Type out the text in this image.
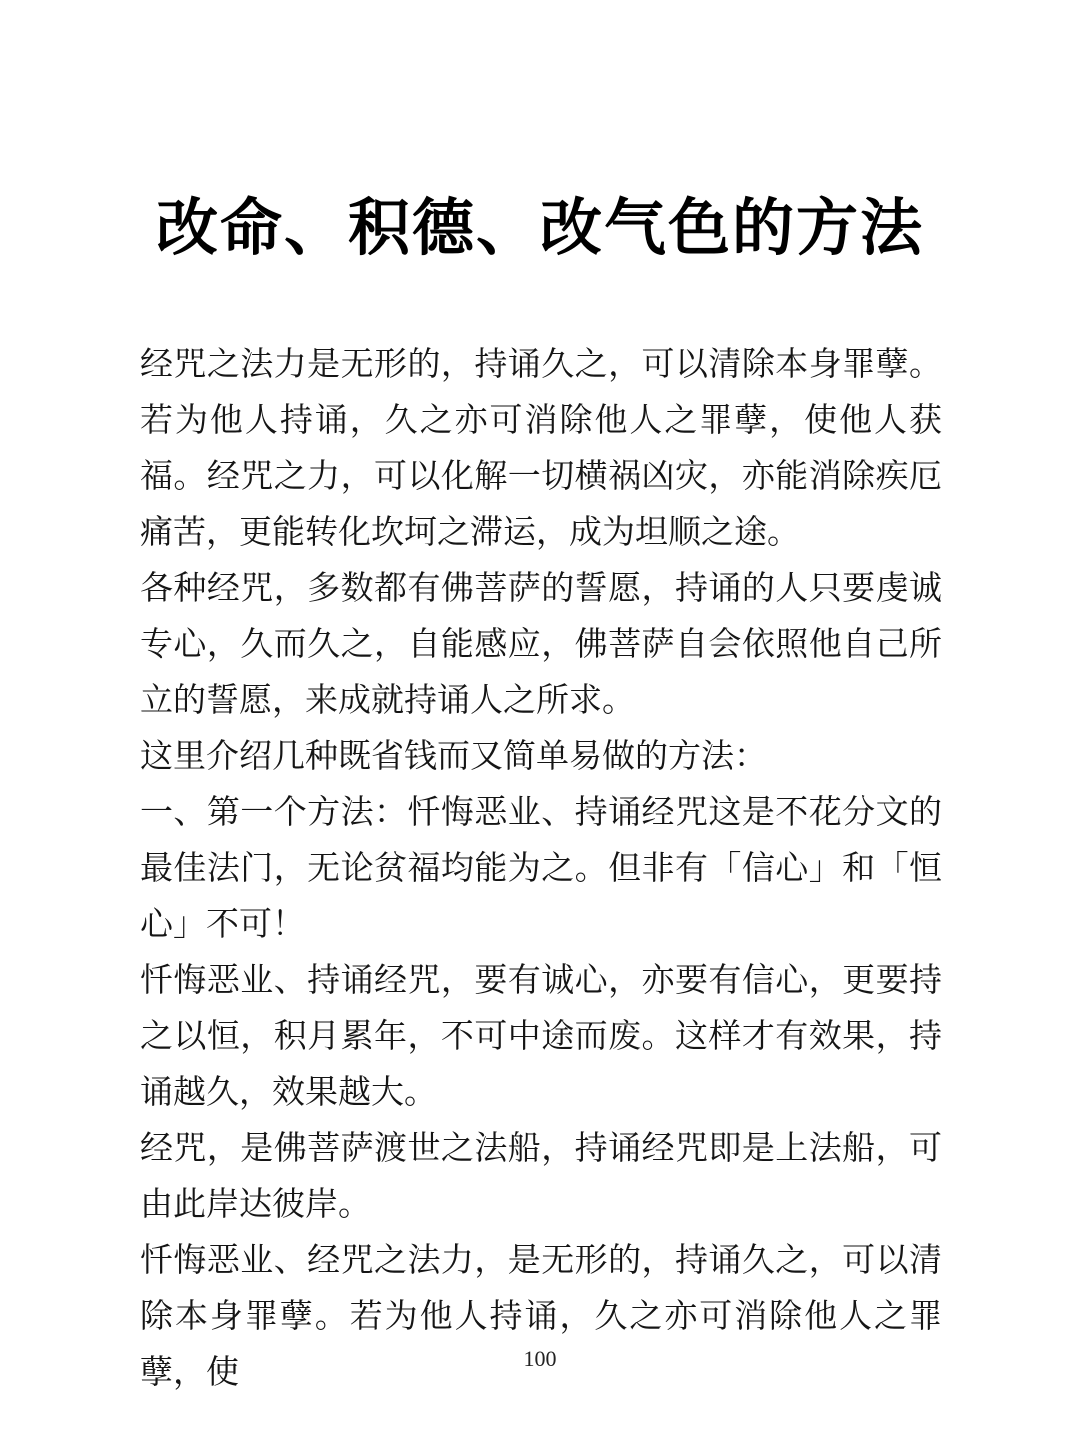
改命、积德、改气色的方法

经咒之法力是无形的，持诵久之，可以清除本身罪孽。若为他人持诵，久之亦可消除他人之罪孽，使他人获福。经咒之力，可以化解一切横祸凶灾，亦能消除疾厄痛苦，更能转化坎坷之滞运，成为坦顺之途。

各种经咒，多数都有佛菩萨的誓愿，持诵的人只要虔诚专心，久而久之，自能感应，佛菩萨自会依照他自己所立的誓愿，来成就持诵人之所求。

这里介绍几种既省钱而又简单易做的方法：

一、第一个方法：忏悔恶业、持诵经咒这是不花分文的最佳法门，无论贫福均能为之。但非有「信心」和「恒心」不可！

忏悔恶业、持诵经咒，要有诚心，亦要有信心，更要持之以恒，积月累年，不可中途而废。这样才有效果，持诵越久，效果越大。

经咒，是佛菩萨渡世之法船，持诵经咒即是上法船，可由此岸达彼岸。

忏悔恶业、经咒之法力，是无形的，持诵久之，可以清除本身罪孽。若为他人持诵，久之亦可消除他人之罪孽，使	100
